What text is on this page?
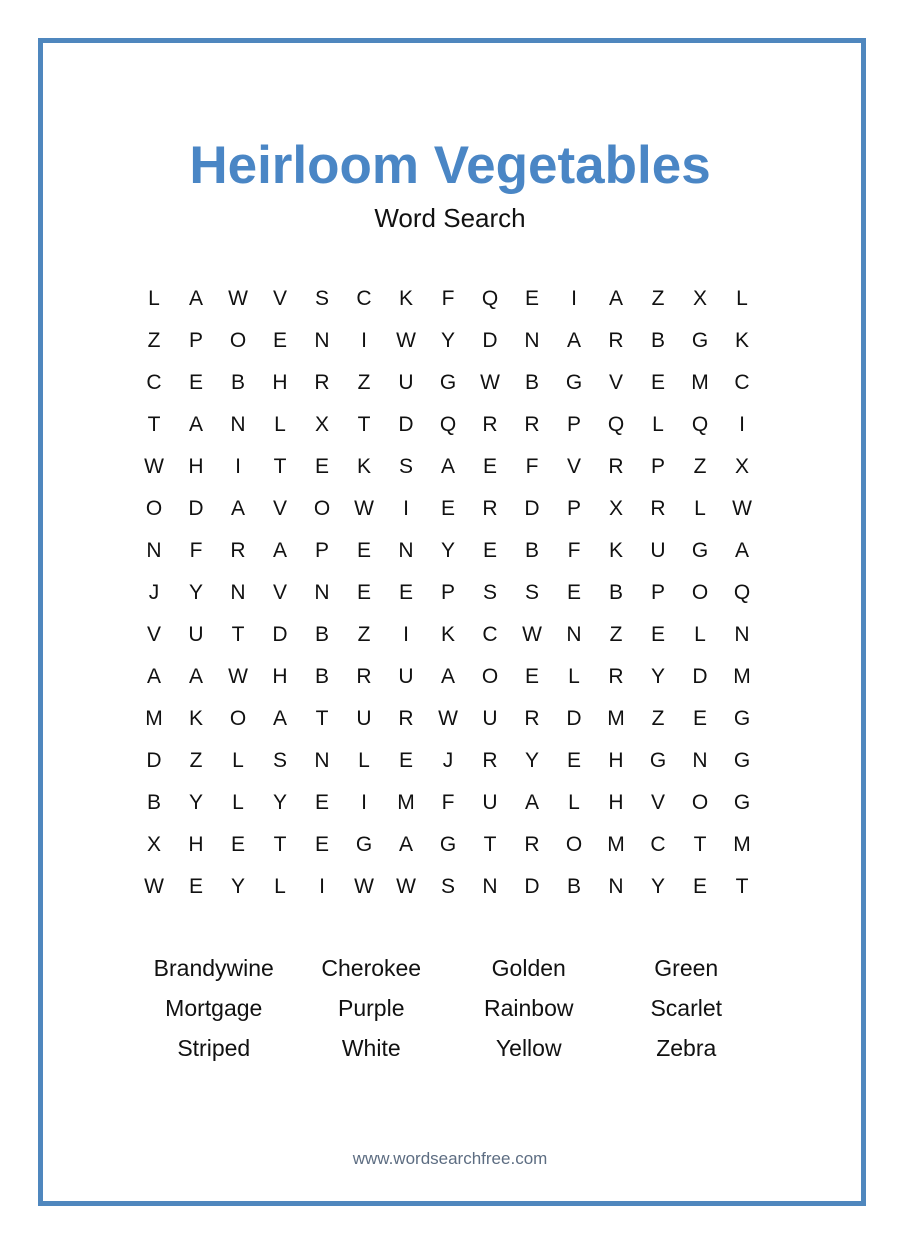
Heirloom Vegetables
Word Search
L	A	W	V	S	C	K	F	Q	E	I	A	Z	X	L
Z	P	O	E	N	I	W	Y	D	N	A	R	B	G	K
C	E	B	H	R	Z	U	G	W	B	G	V	E	M	C
T	A	N	L	X	T	D	Q	R	R	P	Q	L	Q	I
W	H	I	T	E	K	S	A	E	F	V	R	P	Z	X
O	D	A	V	O	W	I	E	R	D	P	X	R	L	W
N	F	R	A	P	E	N	Y	E	B	F	K	U	G	A
J	Y	N	V	N	E	E	P	S	S	E	B	P	O	Q
V	U	T	D	B	Z	I	K	C	W	N	Z	E	L	N
A	A	W	H	B	R	U	A	O	E	L	R	Y	D	M
M	K	O	A	T	U	R	W	U	R	D	M	Z	E	G
D	Z	L	S	N	L	E	J	R	Y	E	H	G	N	G
B	Y	L	Y	E	I	M	F	U	A	L	H	V	O	G
X	H	E	T	E	G	A	G	T	R	O	M	C	T	M
W	E	Y	L	I	W	W	S	N	D	B	N	Y	E	T
Brandywine	Cherokee	Golden	Green
Mortgage	Purple	Rainbow	Scarlet
Striped	White	Yellow	Zebra
www.wordsearchfree.com
